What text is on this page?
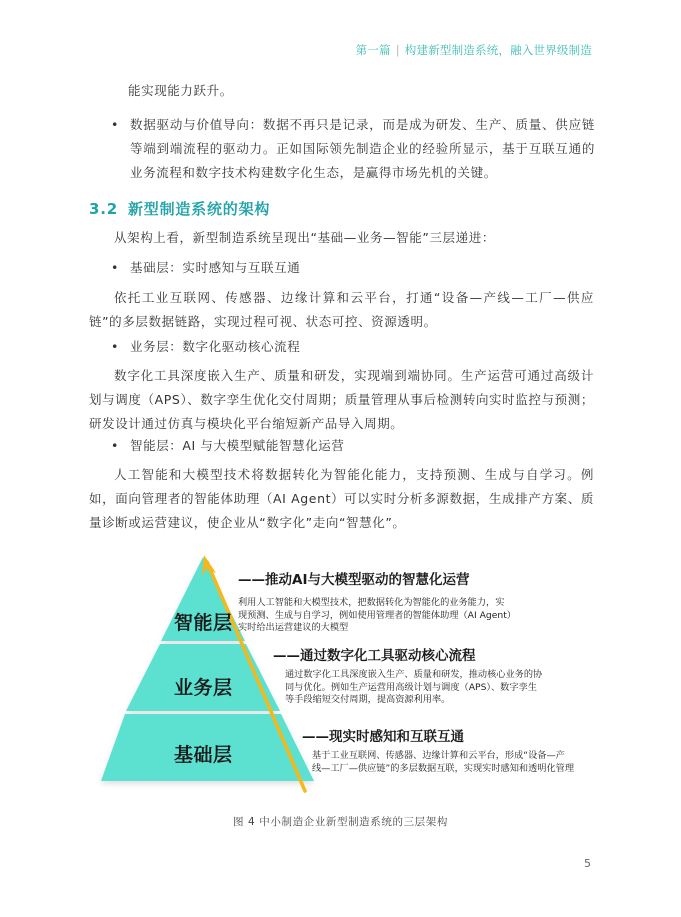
第一篇 | 构建新型制造系统，融入世界级制造
能实现能力跃升。
• 数据驱动与价值导向：数据不再只是记录，而是成为研发、生产、质量、供应链等端到端流程的驱动力。正如国际领先制造企业的经验所显示，基于互联互通的业务流程和数字技术构建数字化生态，是赢得市场先机的关键。
3.2 新型制造系统的架构
从架构上看，新型制造系统呈现出“基础—业务—智能”三层递进：
• 基础层：实时感知与互联互通
依托工业互联网、传感器、边缘计算和云平台，打通“设备—产线—工厂—供应链”的多层数据链路，实现过程可视、状态可控、资源透明。
• 业务层：数字化驱动核心流程
数字化工具深度嵌入生产、质量和研发，实现端到端协同。生产运营可通过高级计划与调度（APS）、数字孪生优化交付周期；质量管理从事后检测转向实时监控与预测；研发设计通过仿真与模块化平台缩短新产品导入周期。
• 智能层：AI 与大模型赋能智慧化运营
人工智能和大模型技术将数据转化为智能化能力，支持预测、生成与自学习。例如，面向管理者的智能体助理（AI Agent）可以实时分析多源数据，生成排产方案、质量诊断或运营建议，使企业从“数字化”走向“智慧化”。
智能层
业务层
基础层
——推动AI与大模型驱动的智慧化运营
利用人工智能和大模型技术，把数据转化为智能化的业务能力，实
现预测、生成与自学习，例如使用管理者的智能体助理（AI Agent）
实时给出运营建议的大模型
——通过数字化工具驱动核心流程
通过数字化工具深度嵌入生产、质量和研发，推动核心业务的协
同与优化。例如生产运营用高级计划与调度（APS）、数字孪生
等手段缩短交付周期，提高资源利用率。
——现实时感知和互联互通
基于工业互联网、传感器、边缘计算和云平台，形成“设备—产
线—工厂—供应链”的多层数据互联，实现实时感知和透明化管理
图 4 中小制造企业新型制造系统的三层架构
5
